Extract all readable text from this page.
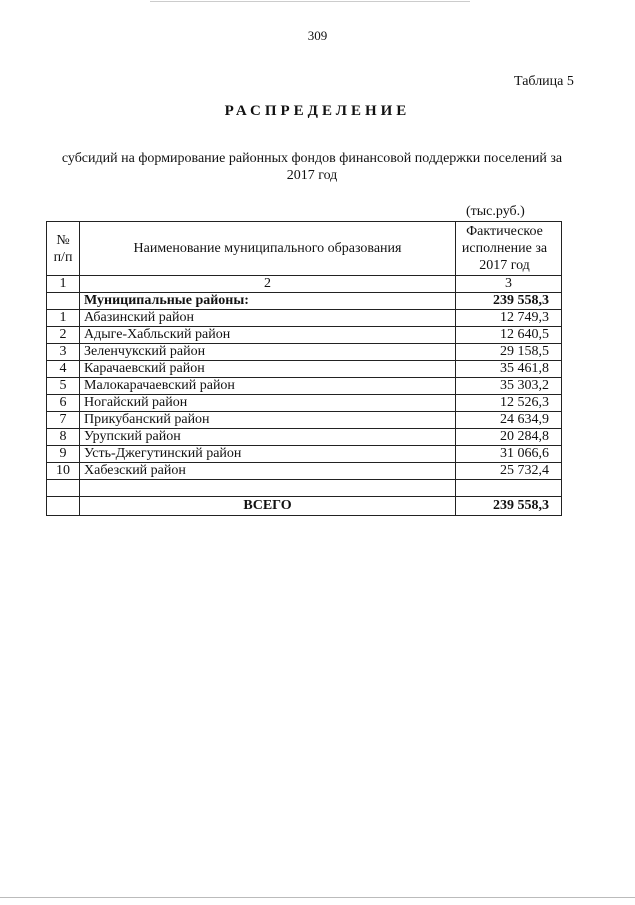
309
Таблица 5
РАСПРЕДЕЛЕНИЕ
субсидий на формирование районных фондов финансовой поддержки поселений за
2017 год
(тыс.руб.)
№ п/п	Наименование муниципального образования	Фактическое исполнение за 2017 год
1	2	3
	Муниципальные районы:	239 558,3
1	Абазинский район	12 749,3
2	Адыге-Хабльский район	12 640,5
3	Зеленчукский район	29 158,5
4	Карачаевский район	35 461,8
5	Малокарачаевский район	35 303,2
6	Ногайский район	12 526,3
7	Прикубанский район	24 634,9
8	Урупский район	20 284,8
9	Усть-Джегутинский район	31 066,6
10	Хабезский район	25 732,4

	ВСЕГО	239 558,3
